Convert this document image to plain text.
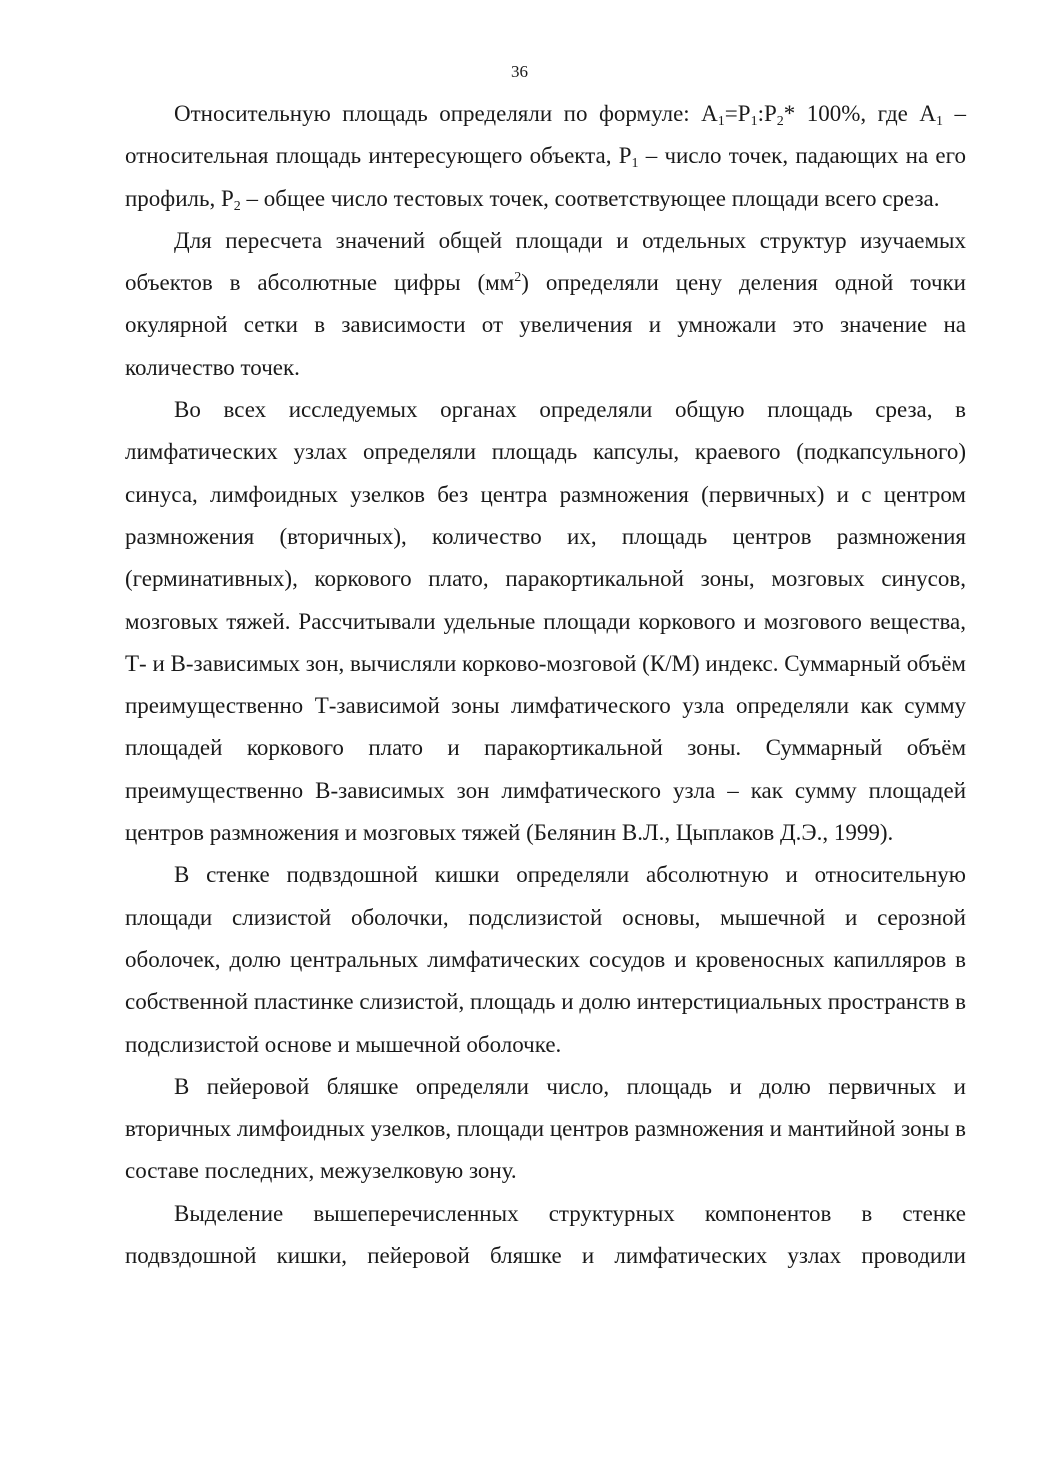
36

Относительную площадь определяли по формуле: $A_1=P_1:P_2*$ 100%, где $A_1$ – относительная площадь интересующего объекта, $P_1$ – число точек, падающих на его профиль, $P_2$ – общее число тестовых точек, соответствующее площади всего среза.

Для пересчета значений общей площади и отдельных структур изучаемых объектов в абсолютные цифры $(мм^2)$ определяли цену деления одной точки окулярной сетки в зависимости от увеличения и умножали это значение на количество точек.

Во всех исследуемых органах определяли общую площадь среза, в лимфатических узлах определяли площадь капсулы, краевого (подкапсульного) синуса, лимфоидных узелков без центра размножения (первичных) и с центром размножения (вторичных), количество их, площадь центров размножения (герминативных), коркового плато, паракортикальной зоны, мозговых синусов, мозговых тяжей. Рассчитывали удельные площади коркового и мозгового вещества, Т- и В-зависимых зон, вычисляли корково-мозговой (К/М) индекс. Суммарный объём преимущественно Т-зависимой зоны лимфатического узла определяли как сумму площадей коркового плато и паракортикальной зоны. Суммарный объём преимущественно В-зависимых зон лимфатического узла – как сумму площадей центров размножения и мозговых тяжей (Белянин В.Л., Цыплаков Д.Э., 1999).

В стенке подвздошной кишки определяли абсолютную и относительную площади слизистой оболочки, подслизистой основы, мышечной и серозной оболочек, долю центральных лимфатических сосудов и кровеносных капилляров в собственной пластинке слизистой, площадь и долю интерстициальных пространств в подслизистой основе и мышечной оболочке.

В пейеровой бляшке определяли число, площадь и долю первичных и вторичных лимфоидных узелков, площади центров размножения и мантийной зоны в составе последних, межузелковую зону.

Выделение вышеперечисленных структурных компонентов в стенке подвздошной кишки, пейеровой бляшке и лимфатических узлах проводили
